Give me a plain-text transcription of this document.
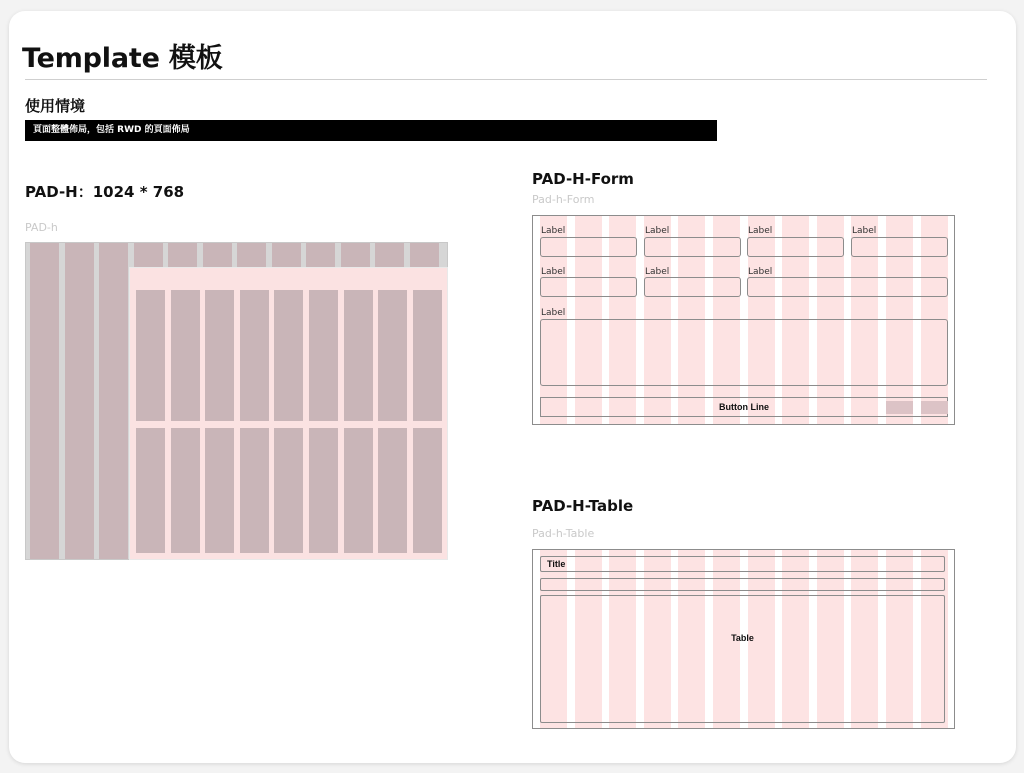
Template 模板
使用情境
頁面整體佈局，包括 RWD 的頁面佈局
PAD-H：1024 * 768
PAD-h
PAD-H-Form
Pad-h-Form
Label	Label	Label	Label
Label	Label	Label
Label
Button Line
PAD-H-Table
Pad-h-Table
Title
Table
